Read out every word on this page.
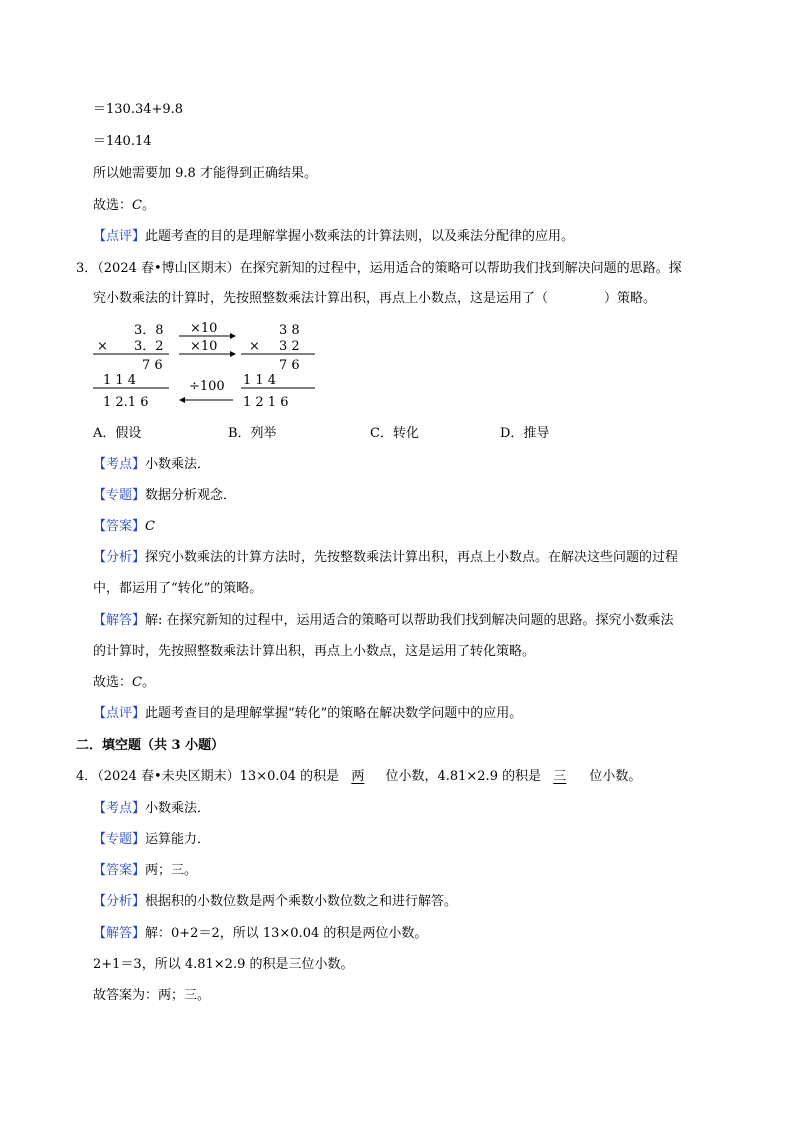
＝130.34+9.8
＝140.14
所以她需要加 9.8 才能得到正确结果。
故选：C。
【点评】此题考查的目的是理解掌握小数乘法的计算法则，以及乘法分配律的应用。
3．（2024 春•博山区期末）在探究新知的过程中，运用适合的策略可以帮助我们找到解决问题的思路。探
究小数乘法的计算时，先按照整数乘法计算出积，再点上小数点，这是运用了（	）策略。
3．8
× 3．2
7 6
1 1 4
1 2.1 6
×10
×10
÷100
3 8
× 3 2
7 6
1 1 4
1 2 1 6
A．假设	B．列举	C．转化	D．推导
【考点】小数乘法．
【专题】数据分析观念．
【答案】C
【分析】探究小数乘法的计算方法时，先按整数乘法计算出积，再点上小数点。在解决这些问题的过程
中，都运用了“转化”的策略。
【解答】解: 在探究新知的过程中，运用适合的策略可以帮助我们找到解决问题的思路。探究小数乘法
的计算时，先按照整数乘法计算出积，再点上小数点，这是运用了转化策略。
故选：C。
【点评】此题考查目的是理解掌握“转化”的策略在解决数学问题中的应用。
二．填空题（共 3 小题）
4．（2024 春•未央区期末）13×0.04 的积是 两 位小数，4.81×2.9 的积是 三 位小数。
【考点】小数乘法．
【专题】运算能力．
【答案】两；三。
【分析】根据积的小数位数是两个乘数小数位数之和进行解答。
【解答】解：0+2＝2，所以 13×0.04 的积是两位小数。
2+1＝3，所以 4.81×2.9 的积是三位小数。
故答案为：两；三。
